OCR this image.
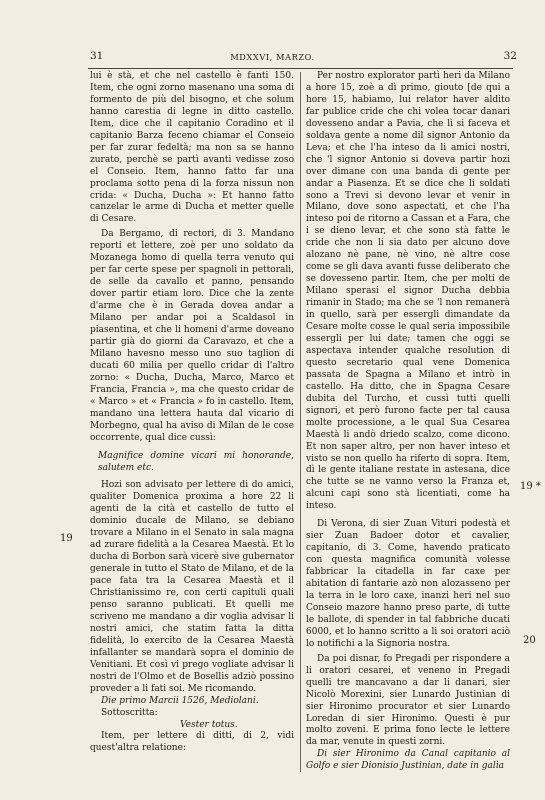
31	MDXXVI, MARZO.	32
19
19 *
20

lui è stà, et che nel castello è fanti 150. Item, che ogni zorno masenano una soma di formento de più del bisogno, et che solum hanno carestia di legne in ditto castello. Item, dice che il capitanio Coradino et il capitanio Barza feceno chiamar el Conseio per far zurar fedeltà; ma non sa se hanno zurato, perchè se partì avanti vedisse zoso el Conseio. Item, hanno fatto far una proclama sotto pena di la forza nissun non crida: « Ducha, Ducha »: Et hanno fatto canzelar le arme di Ducha et metter quelle di Cesare.

Da Bergamo, di rectori, di 3. Mandano reporti et lettere, zoè per uno soldato da Mozanega homo di quella terra venuto qui per far certe spese per spagnoli in pettorali, de selle da cavallo et panno, pensando dover partir etiam loro. Dice che la zente d'arme che è in Gerada dovea andar a Milano per andar poi a Scaldasol in piasentina, et che li homeni d'arme doveano partir già do giorni da Caravazo, et che a Milano havesno messo uno suo taglion di ducati 60 milia per quello cridar di l'altro zorno: « Ducha, Ducha, Marco, Marco et Francia, Francia », ma che questo cridar de « Marco » et « Francia » fo in castello. Item, mandano una lettera hauta dal vicario di Morbegno, qual ha aviso di Milan de le cose occorrente, qual dice cussì:

Magnifice domine vicari mi honorande, salutem etc.

Hozi son advisato per lettere di do amici, qualiter Domenica proxima a hore 22 li agenti de la cità et castello de tutto el dominio ducale de Milano, se debiano trovare a Milano in el Senato in sala magna ad zurare fidelità a la Cesarea Maestà. Et lo ducha di Borbon sarà vicerè sive gubernator generale in tutto el Stato de Milano, et de la pace fata tra la Cesarea Maestà et il Christianissimo re, con certi capituli quali penso saranno publicati. Et quelli me scriveno me mandano a dir voglia advisar li nostri amici, che statim fatta la ditta fidelità, lo exercito de la Cesarea Maestà infallanter se mandarà sopra el dominio de Venitiani. Et così vi prego vogliate advisar li nostri de l'Olmo et de Bosellis adziò possino proveder a li fati soi. Me ricomando.

Die primo Marcii 1526, Mediolani.

Sottoscritta:

Vester totus.

Item, per lettere di ditti, di 2, vidi quest'altra relatione:

Per nostro explorator partì heri da Milano a hore 15, zoè a dì primo, giouto [de qui a hore 15, habiamo, lui relator haver aldito far publice cride che chi volea tocar danari dovesseno andar a Pavia, che lì si faceva et soldava gente a nome dil signor Antonio da Leva; et che l'ha inteso da li amici nostri, che 'l signor Antonio si doveva partir hozi over dimane con una banda di gente per andar a Piasenza. Et se dice che li soldati sono a Trevi si devono levar et venir in Milano, dove sono aspectati, et che l'ha inteso poi de ritorno a Cassan et a Fara, che i se dieno levar, et che sono stà fatte le cride che non li sia dato per alcuno dove alozano nè pane, nè vino, nè altre cose come se gli dava avanti fusse deliberato che se dovesseno partir. Item, che per molti de Milano sperasi el signor Ducha debbia rimanir in Stado; ma che se 'l non remanerà in quello, sarà per essergli dimandate da Cesare molte cosse le qual seria impossibile essergli per lui date; tamen che oggi se aspectava intender qualche resolution di questo secretario qual vene Domenica passata de Spagna a Milano et intrò in castello. Ha ditto, che in Spagna Cesare dubita del Turcho, et cussì tutti quelli signori, et però furono facte per tal causa molte processione, a le qual Sua Cesarea Maestà li andò driedo scalzo, come dicono. Et non saper altro, per non haver inteso et visto se non quello ha riferto di sopra. Item, dì le gente italiane restate in astesana, dice che tutte se ne vanno verso la Franza et, alcuni capi sono stà licentiati, come ha inteso.

Di Verona, di sier Zuan Vituri podestà et sier Zuan Badoer dotor et cavalier, capitanio, di 3. Come, havendo praticato con questa magnifica comunità volesse fabbricar la citadella in far caxe per abitation di fantarie azò non alozasseno per la terra in le loro caxe, inanzi heri nel suo Conseio mazore hanno preso parte, di tutte le ballote, di spender in tal fabbriche ducati 6000, et lo hanno scritto a li soi oratori aciò lo notifichi a la Signoria nostra.

Da poi disnar, fo Pregadi per rispondere a li oratori cesarei, et veneno in Pregadi quelli tre mancavano a dar li danari, sier Nicolò Morexini, sier Lunardo Justinian di sier Hironimo procurator et sier Lunardo Loredan di sier Hironimo. Questi è pur molto zoveni. E prima fono lecte le lettere da mar, venute in questi zorni.

Di sier Hironimo da Canal capitanio al Golfo e sier Dionisio Justinian, date in galìa
